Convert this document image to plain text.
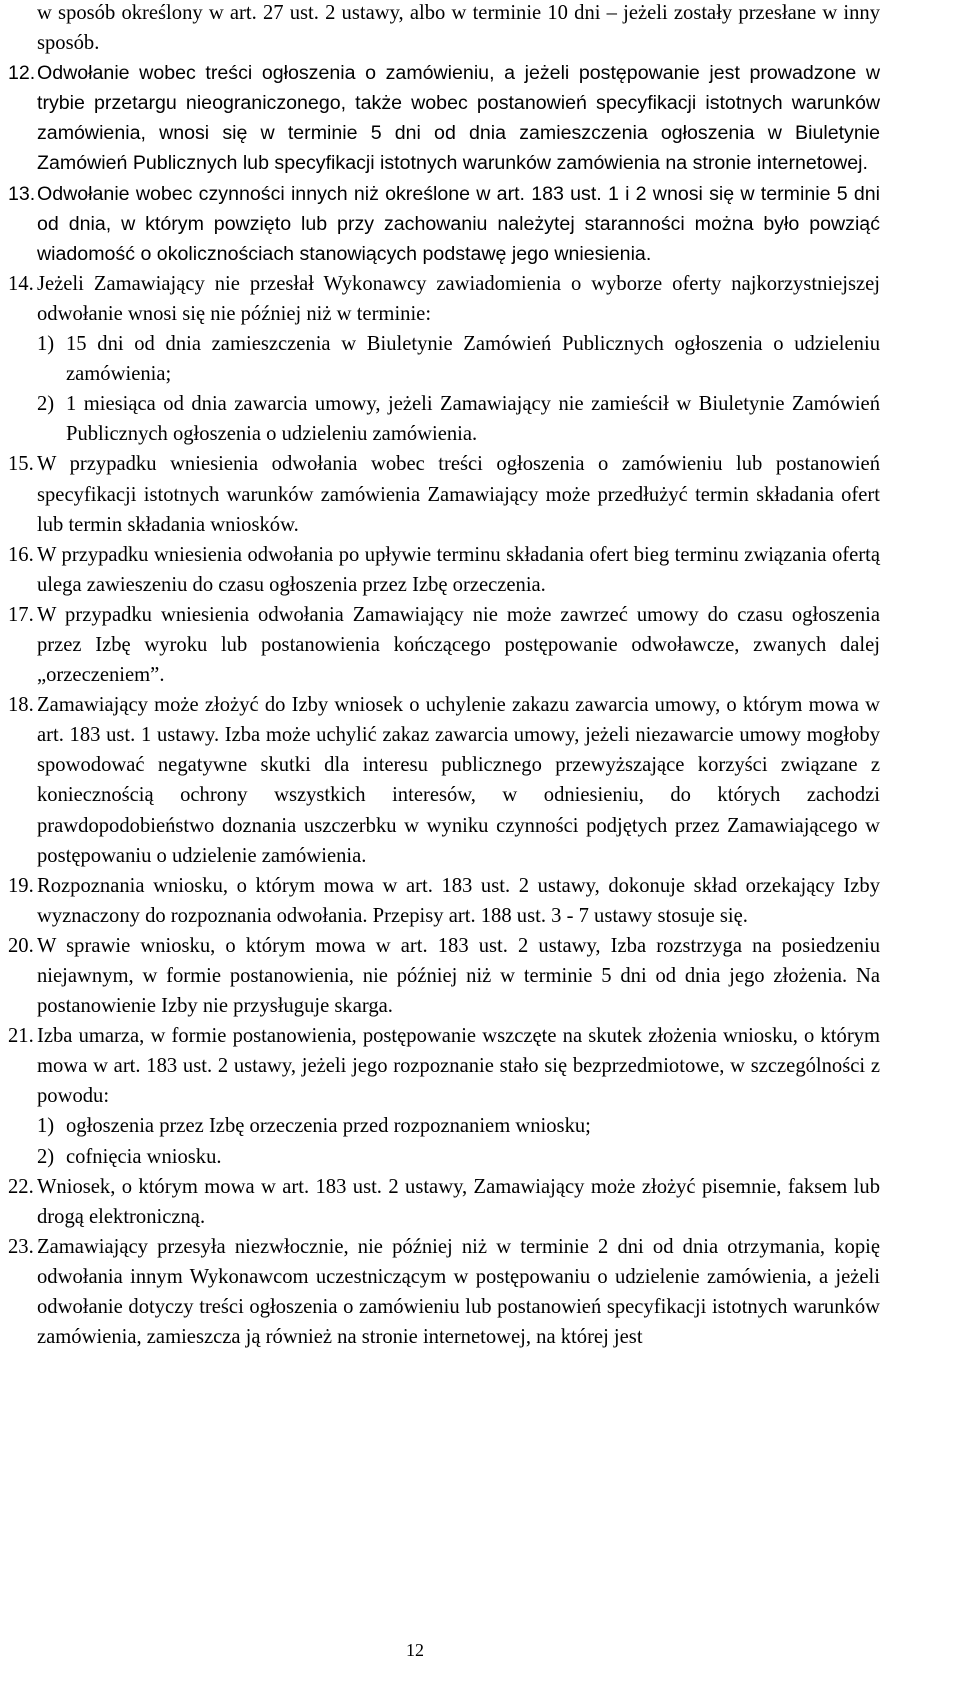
w sposób określony w art. 27 ust. 2 ustawy, albo w terminie 10 dni – jeżeli zostały przesłane w inny sposób.
12. Odwołanie wobec treści ogłoszenia o zamówieniu, a jeżeli postępowanie jest prowadzone w trybie przetargu nieograniczonego, także wobec postanowień specyfikacji istotnych warunków zamówienia, wnosi się w terminie 5 dni od dnia zamieszczenia ogłoszenia w Biuletynie Zamówień Publicznych lub specyfikacji istotnych warunków zamówienia na stronie internetowej.
13. Odwołanie wobec czynności innych niż określone w art. 183 ust. 1 i 2 wnosi się w terminie 5 dni od dnia, w którym powzięto lub przy zachowaniu należytej staranności można było powziąć wiadomość o okolicznościach stanowiących podstawę jego wniesienia.
14. Jeżeli Zamawiający nie przesłał Wykonawcy zawiadomienia o wyborze oferty najkorzystniejszej odwołanie wnosi się nie później niż w terminie:
1) 15 dni od dnia zamieszczenia w Biuletynie Zamówień Publicznych ogłoszenia o udzieleniu zamówienia;
2) 1 miesiąca od dnia zawarcia umowy, jeżeli Zamawiający nie zamieścił w Biuletynie Zamówień Publicznych ogłoszenia o udzieleniu zamówienia.
15. W przypadku wniesienia odwołania wobec treści ogłoszenia o zamówieniu lub postanowień specyfikacji istotnych warunków zamówienia Zamawiający może przedłużyć termin składania ofert lub termin składania wniosków.
16. W przypadku wniesienia odwołania po upływie terminu składania ofert bieg terminu związania ofertą ulega zawieszeniu do czasu ogłoszenia przez Izbę orzeczenia.
17. W przypadku wniesienia odwołania Zamawiający nie może zawrzeć umowy do czasu ogłoszenia przez Izbę wyroku lub postanowienia kończącego postępowanie odwoławcze, zwanych dalej „orzeczeniem”.
18. Zamawiający może złożyć do Izby wniosek o uchylenie zakazu zawarcia umowy, o którym mowa w art. 183 ust. 1 ustawy. Izba może uchylić zakaz zawarcia umowy, jeżeli niezawarcie umowy mogłoby spowodować negatywne skutki dla interesu publicznego przewyższające korzyści związane z koniecznością ochrony wszystkich interesów, w odniesieniu, do których zachodzi prawdopodobieństwo doznania uszczerbku w wyniku czynności podjętych przez Zamawiającego w postępowaniu o udzielenie zamówienia.
19. Rozpoznania wniosku, o którym mowa w art. 183 ust. 2 ustawy, dokonuje skład orzekający Izby wyznaczony do rozpoznania odwołania. Przepisy art. 188 ust. 3 - 7 ustawy stosuje się.
20. W sprawie wniosku, o którym mowa w art. 183 ust. 2 ustawy, Izba rozstrzyga na posiedzeniu niejawnym, w formie postanowienia, nie później niż w terminie 5 dni od dnia jego złożenia. Na postanowienie Izby nie przysługuje skarga.
21. Izba umarza, w formie postanowienia, postępowanie wszczęte na skutek złożenia wniosku, o którym mowa w art. 183 ust. 2 ustawy, jeżeli jego rozpoznanie stało się bezprzedmiotowe, w szczególności z powodu:
1) ogłoszenia przez Izbę orzeczenia przed rozpoznaniem wniosku;
2) cofnięcia wniosku.
22. Wniosek, o którym mowa w art. 183 ust. 2 ustawy, Zamawiający może złożyć pisemnie, faksem lub drogą elektroniczną.
23. Zamawiający przesyła niezwłocznie, nie później niż w terminie 2 dni od dnia otrzymania, kopię odwołania innym Wykonawcom uczestniczącym w postępowaniu o udzielenie zamówienia, a jeżeli odwołanie dotyczy treści ogłoszenia o zamówieniu lub postanowień specyfikacji istotnych warunków zamówienia, zamieszcza ją również na stronie internetowej, na której jest
12
